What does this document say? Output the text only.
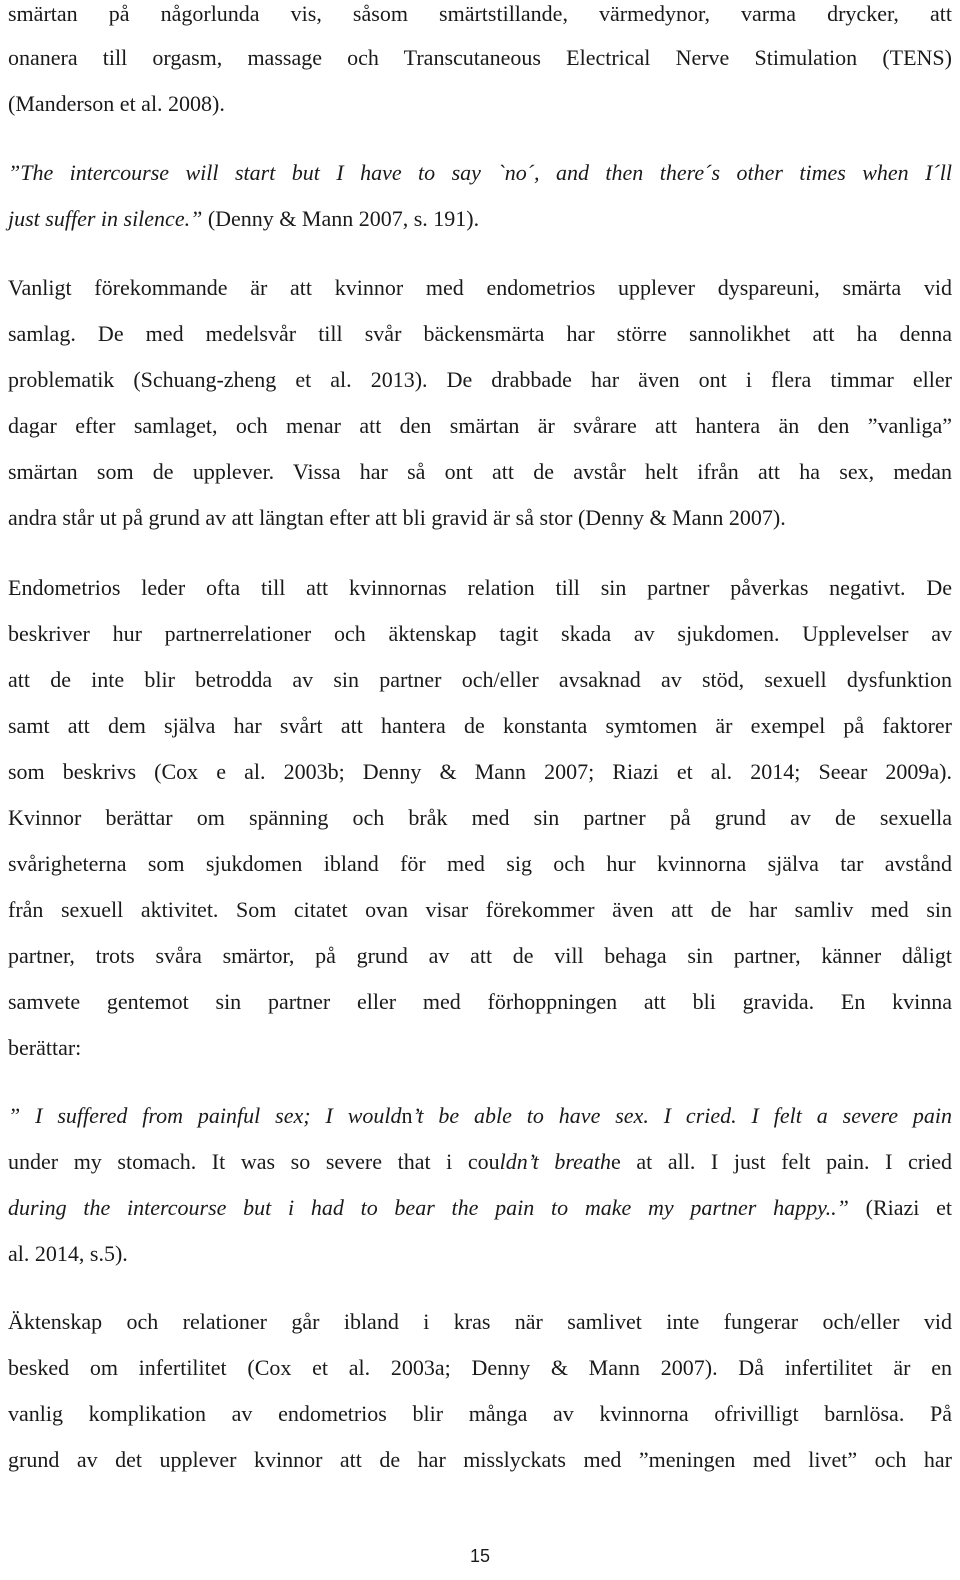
smärtan på någorlunda vis, såsom smärtstillande, värmedynor, varma drycker, att
onanera till orgasm, massage och Transcutaneous Electrical Nerve Stimulation (TENS)
(Manderson et al. 2008).
”The intercourse will start but I have to say `no´, and then there´s other times when I´ll
just suffer in silence.” (Denny & Mann 2007, s. 191).
Vanligt förekommande är att kvinnor med endometrios upplever dyspareuni, smärta vid
samlag. De med medelsvår till svår bäckensmärta har större sannolikhet att ha denna
problematik (Schuang-zheng et al. 2013). De drabbade har även ont i flera timmar eller
dagar efter samlaget, och menar att den smärtan är svårare att hantera än den ”vanliga”
smärtan som de upplever. Vissa har så ont att de avstår helt ifrån att ha sex, medan
andra står ut på grund av att längtan efter att bli gravid är så stor (Denny & Mann 2007).
Endometrios leder ofta till att kvinnornas relation till sin partner påverkas negativt. De
beskriver hur partnerrelationer och äktenskap tagit skada av sjukdomen. Upplevelser av
att de inte blir betrodda av sin partner och/eller avsaknad av stöd, sexuell dysfunktion
samt att dem själva har svårt att hantera de konstanta symtomen är exempel på faktorer
som beskrivs (Cox e al. 2003b; Denny & Mann 2007; Riazi et al. 2014; Seear 2009a).
Kvinnor berättar om spänning och bråk med sin partner på grund av de sexuella
svårigheterna som sjukdomen ibland för med sig och hur kvinnorna själva tar avstånd
från sexuell aktivitet. Som citatet ovan visar förekommer även att de har samliv med sin
partner, trots svåra smärtor, på grund av att de vill behaga sin partner, känner dåligt
samvete gentemot sin partner eller med förhoppningen att bli gravida. En kvinna
berättar:
” I suffered from painful sex; I wouldn’t be able to have sex. I cried. I felt a severe pain
under my stomach. It was so severe that i couldn’t breathe at all. I just felt pain. I cried
during the intercourse but i had to bear the pain to make my partner happy..” (Riazi et
al. 2014, s.5).
Äktenskap och relationer går ibland i kras när samlivet inte fungerar och/eller vid
besked om infertilitet (Cox et al. 2003a; Denny & Mann 2007). Då infertilitet är en
vanlig komplikation av endometrios blir många av kvinnorna ofrivilligt barnlösa. På
grund av det upplever kvinnor att de har misslyckats med ”meningen med livet” och har
15
